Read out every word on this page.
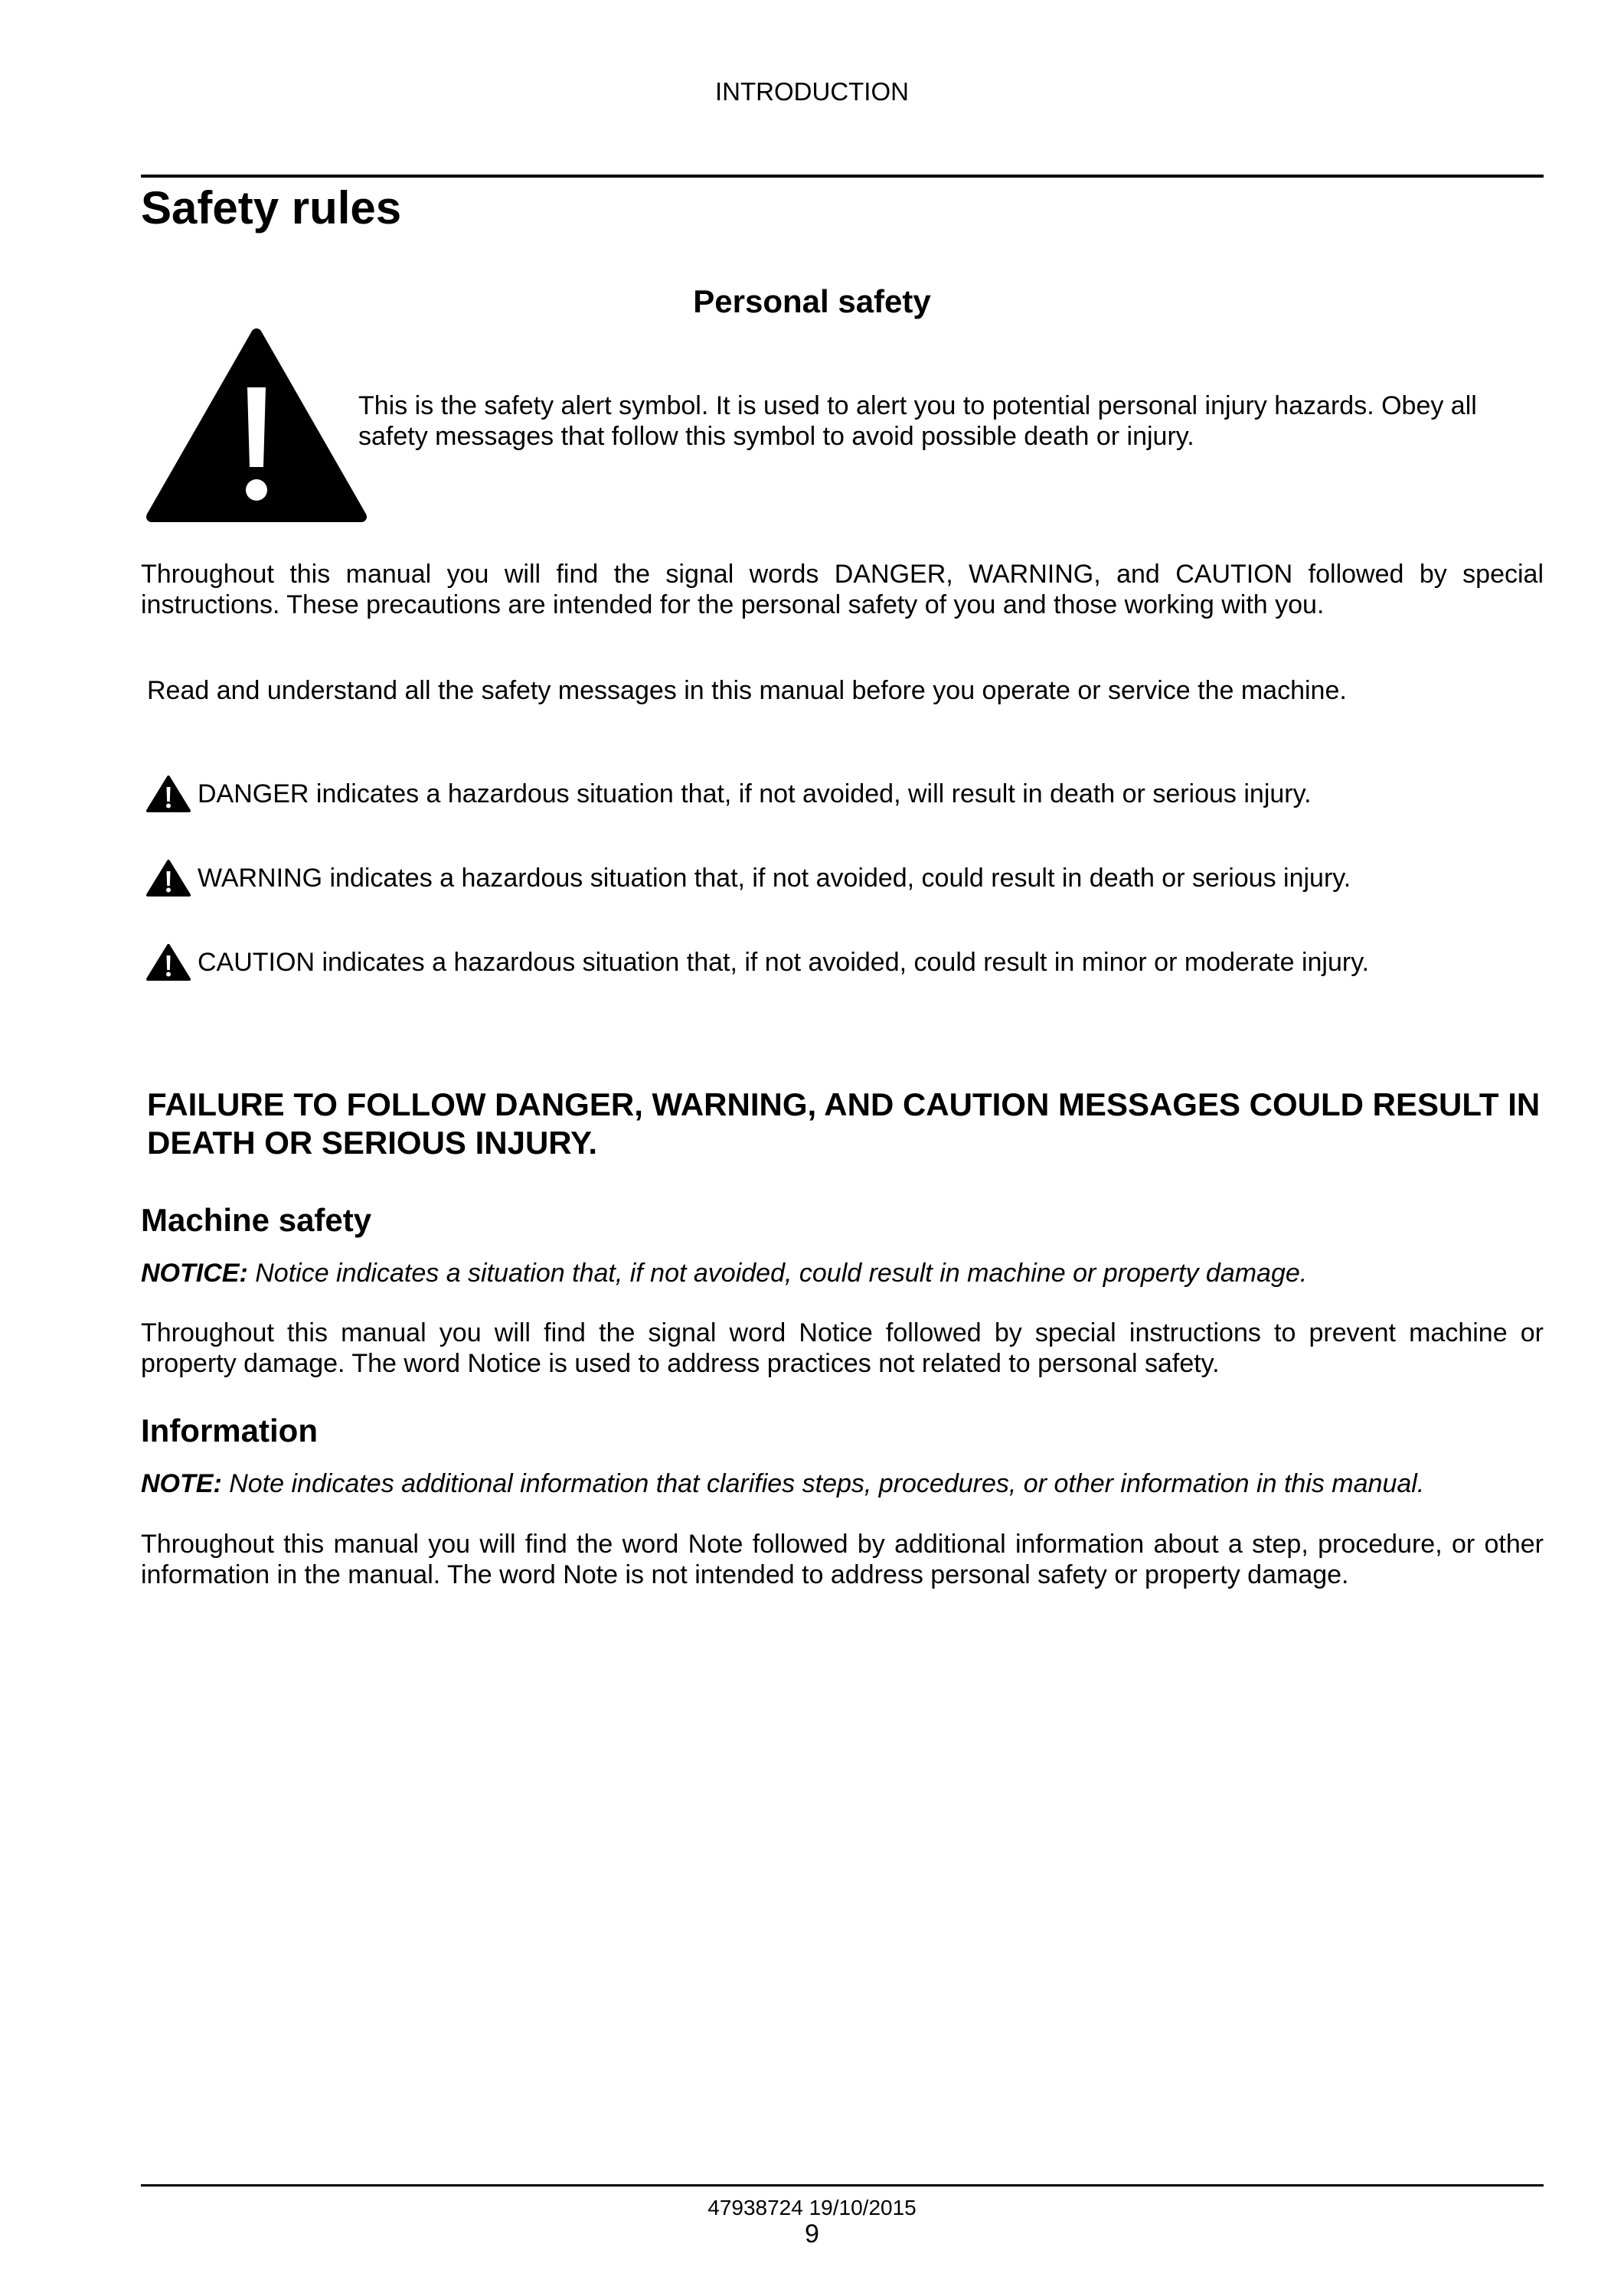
INTRODUCTION
Safety rules
Personal safety
This is the safety alert symbol. It is used to alert you to potential personal injury hazards. Obey all safety messages that follow this symbol to avoid possible death or injury.
Throughout this manual you will find the signal words DANGER, WARNING, and CAUTION followed by special instructions. These precautions are intended for the personal safety of you and those working with you.
Read and understand all the safety messages in this manual before you operate or service the machine.
DANGER indicates a hazardous situation that, if not avoided, will result in death or serious injury.
WARNING indicates a hazardous situation that, if not avoided, could result in death or serious injury.
CAUTION indicates a hazardous situation that, if not avoided, could result in minor or moderate injury.
FAILURE TO FOLLOW DANGER, WARNING, AND CAUTION MESSAGES COULD RESULT IN DEATH OR SERIOUS INJURY.
Machine safety
NOTICE: Notice indicates a situation that, if not avoided, could result in machine or property damage.
Throughout this manual you will find the signal word Notice followed by special instructions to prevent machine or property damage. The word Notice is used to address practices not related to personal safety.
Information
NOTE: Note indicates additional information that clarifies steps, procedures, or other information in this manual.
Throughout this manual you will find the word Note followed by additional information about a step, procedure, or other information in the manual. The word Note is not intended to address personal safety or property damage.
47938724 19/10/2015
9
